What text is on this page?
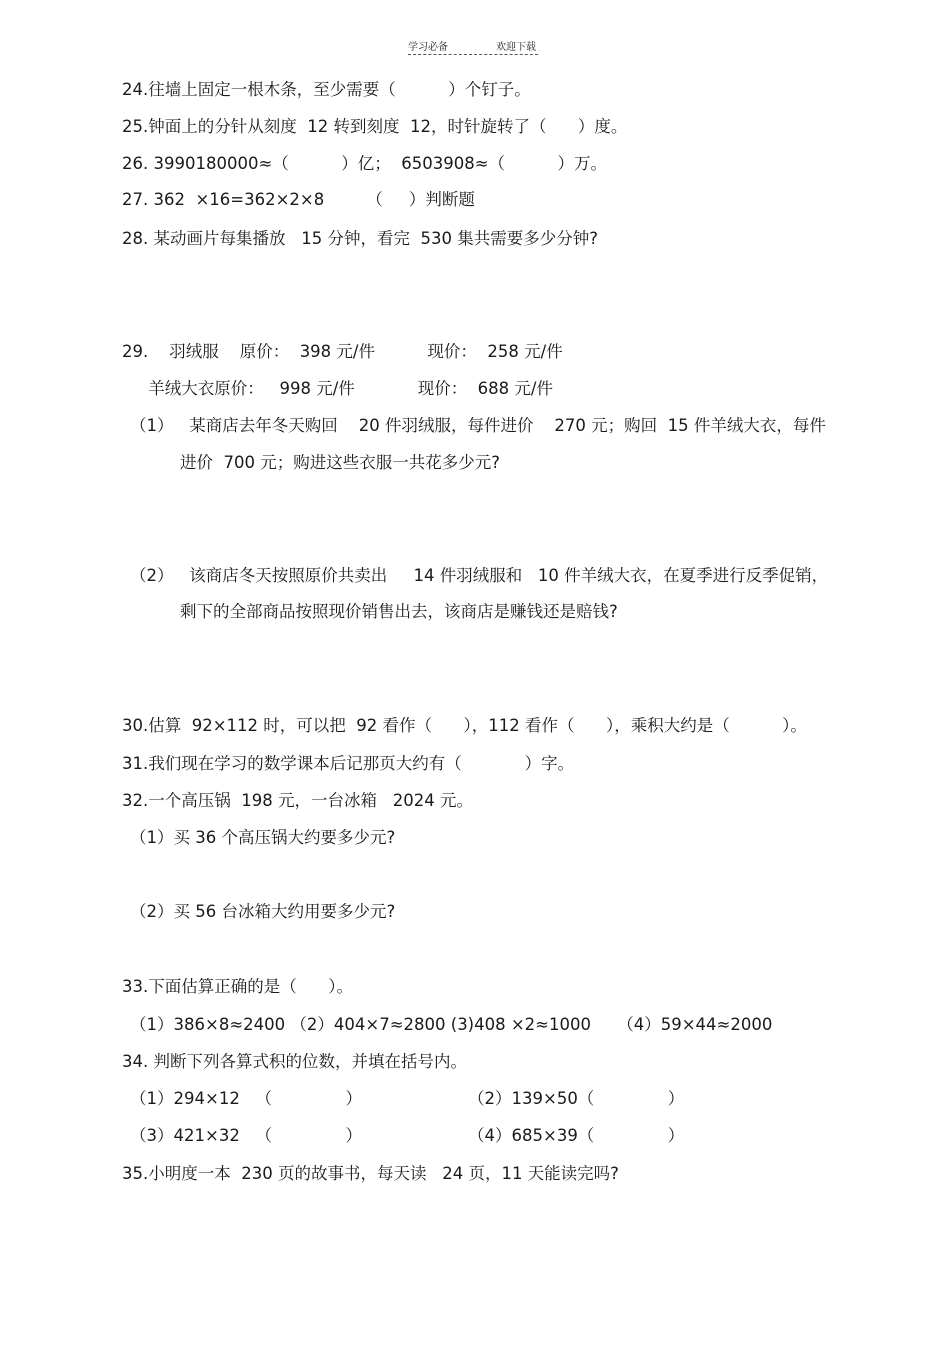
学习必备	欢迎下载

24.往墙上固定一根木条，至少需要（          ）个钉子。

25.钟面上的分针从刻度  12 转到刻度  12，时针旋转了（      ）度。

26. 3990180000≈（          ）亿；  6503908≈（          ）万。

27. 362  ×16=362×2×8        （     ）判断题

28. 某动画片每集播放   15 分钟，看完  530 集共需要多少分钟?

29.    羽绒服    原价：  398 元/件          现价：  258 元/件

羊绒大衣原价：   998 元/件            现价：  688 元/件

（1）   某商店去年冬天购回    20 件羽绒服，每件进价    270 元；购回  15 件羊绒大衣，每件

进价  700 元；购进这些衣服一共花多少元?

（2）   该商店冬天按照原价共卖出     14 件羽绒服和   10 件羊绒大衣，在夏季进行反季促销，

剩下的全部商品按照现价销售出去，该商店是赚钱还是赔钱?

30.估算  92×112 时，可以把  92 看作（      ），112 看作（      ），乘积大约是（          ）。

31.我们现在学习的数学课本后记那页大约有（            ）字。

32.一个高压锅  198 元，一台冰箱   2024 元。

（1）买 36 个高压锅大约要多少元?

（2）买 56 台冰箱大约用要多少元?

33.下面估算正确的是（      ）。

（1）386×8≈2400 （2）404×7≈2800 (3)408 ×2≈1000     （4）59×44≈2000

34. 判断下列各算式积的位数，并填在括号内。

（1）294×12   （              ）	（2）139×50（              ）

（3）421×32   （              ）	（4）685×39（              ）

35.小明度一本  230 页的故事书，每天读   24 页，11 天能读完吗?
